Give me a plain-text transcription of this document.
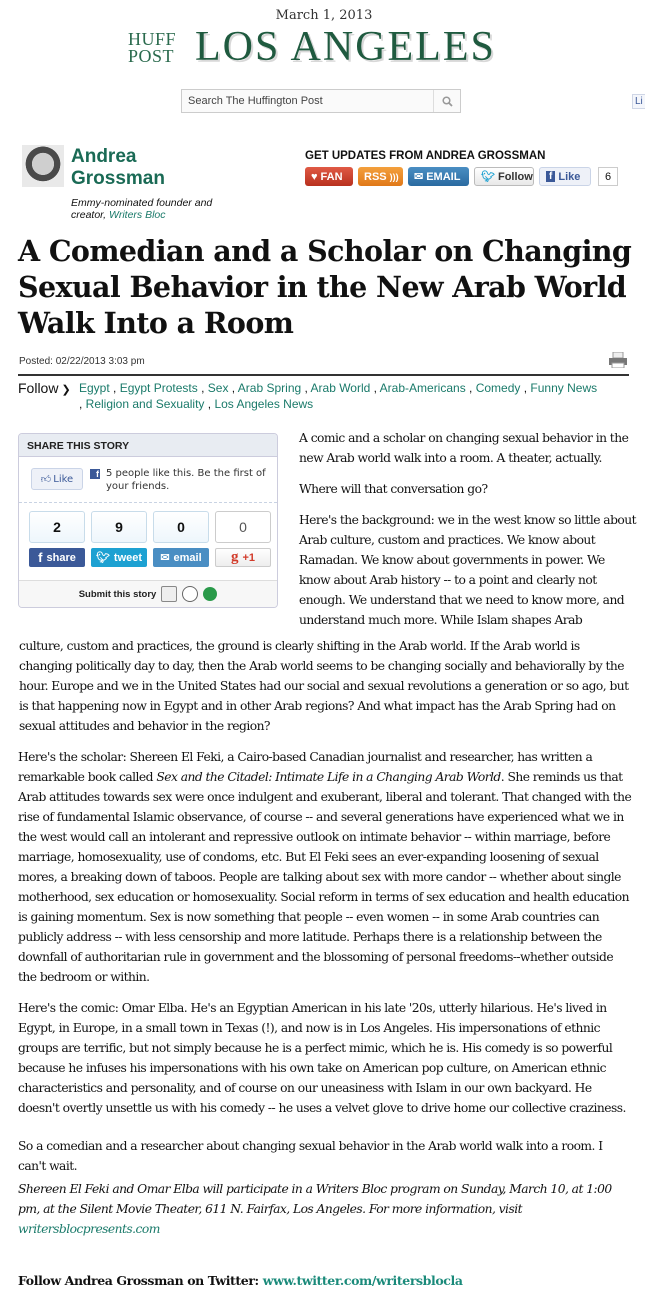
March 1, 2013
HUFF
POST LOS ANGELES
Search The Huffington Post
Li
Andrea
Grossman
Emmy-nominated founder and creator, Writers Bloc
GET UPDATES FROM ANDREA GROSSMAN
♥ FAN RSS ))) ✉ EMAIL 🐦︎ Follow	f Like	6
A Comedian and a Scholar on Changing Sexual Behavior in the New Arab World Walk Into a Room
Posted: 02/22/2013 3:03 pm
Follow ❯ Egypt , Egypt Protests , Sex , Arab Spring , Arab World , Arab-Americans , Comedy , Funny News , Religion and Sexuality , Los Angeles News
SHARE THIS STORY
👍︎ Like	f 5 people like this. Be the first of your friends.
2	9	0	0
f share 🐦︎ tweet ✉ email g +1
Submit this story

A comic and a scholar on changing sexual behavior in the new Arab world walk into a room. A theater, actually.

Where will that conversation go?

Here's the background: we in the west know so little about Arab culture, custom and practices. We know about Ramadan. We know about governments in power. We know about Arab history -- to a point and clearly not enough. We understand that we need to know more, and understand much more. While Islam shapes Arab

culture, custom and practices, the ground is clearly shifting in the Arab world. If the Arab world is changing politically day to day, then the Arab world seems to be changing socially and behaviorally by the hour. Europe and we in the United States had our social and sexual revolutions a generation or so ago, but is that happening now in Egypt and in other Arab regions? And what impact has the Arab Spring had on sexual attitudes and behavior in the region?
Here's the scholar: Shereen El Feki, a Cairo-based Canadian journalist and researcher, has written a remarkable book called Sex and the Citadel: Intimate Life in a Changing Arab World. She reminds us that Arab attitudes towards sex were once indulgent and exuberant, liberal and tolerant. That changed with the rise of fundamental Islamic observance, of course -- and several generations have experienced what we in the west would call an intolerant and repressive outlook on intimate behavior -- within marriage, before marriage, homosexuality, use of condoms, etc. But El Feki sees an ever-expanding loosening of sexual mores, a breaking down of taboos. People are talking about sex with more candor -- whether about single motherhood, sex education or homosexuality. Social reform in terms of sex education and health education is gaining momentum. Sex is now something that people -- even women -- in some Arab countries can publicly address -- with less censorship and more latitude. Perhaps there is a relationship between the downfall of authoritarian rule in government and the blossoming of personal freedoms--whether outside the bedroom or within.
Here's the comic: Omar Elba. He's an Egyptian American in his late '20s, utterly hilarious. He's lived in Egypt, in Europe, in a small town in Texas (!), and now is in Los Angeles. His impersonations of ethnic groups are terrific, but not simply because he is a perfect mimic, which he is. His comedy is so powerful because he infuses his impersonations with his own take on American pop culture, on American ethnic characteristics and personality, and of course on our uneasiness with Islam in our own backyard. He doesn't overtly unsettle us with his comedy -- he uses a velvet glove to drive home our collective craziness.
So a comedian and a researcher about changing sexual behavior in the Arab world walk into a room. I can't wait.
Shereen El Feki and Omar Elba will participate in a Writers Bloc program on Sunday, March 10, at 1:00 pm, at the Silent Movie Theater, 611 N. Fairfax, Los Angeles. For more information, visit
writersblocpresents.com
Follow Andrea Grossman on Twitter: www.twitter.com/writersblocla
